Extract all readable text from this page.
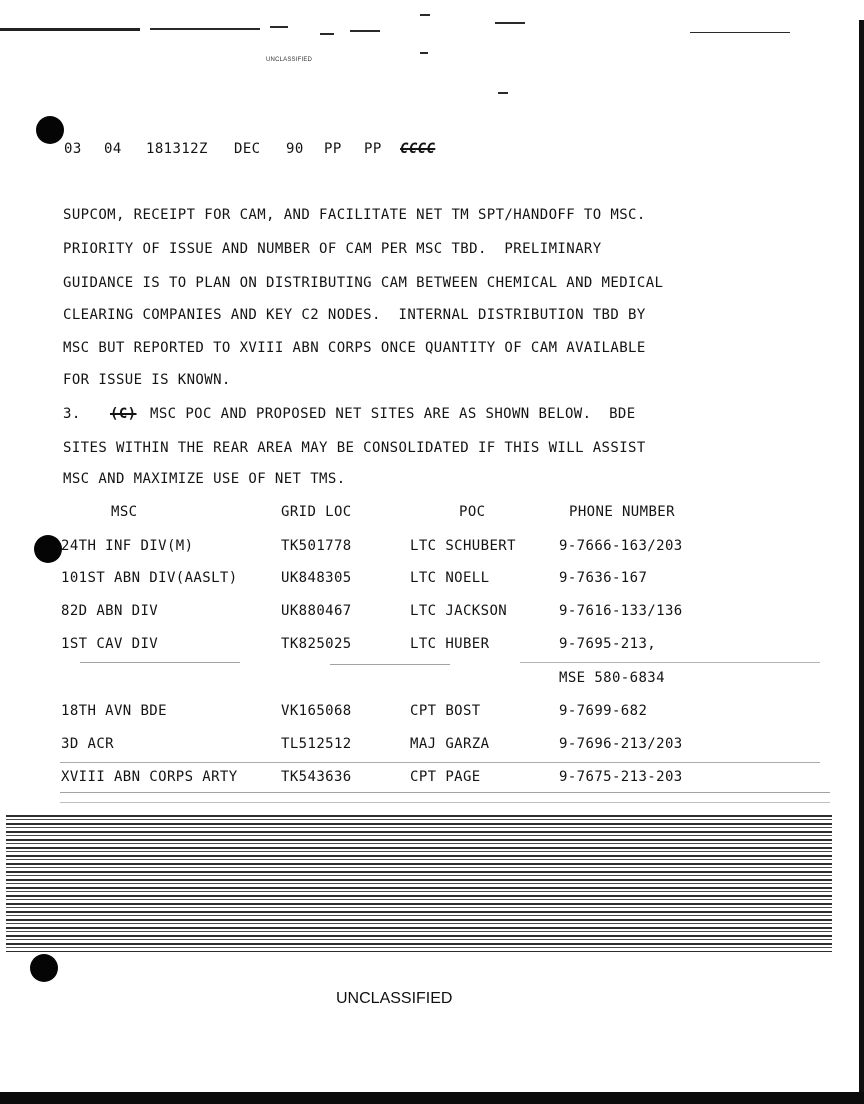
UNCLASSIFIED
03 04 181312Z DEC 90 PP PP CCCC
SUPCOM, RECEIPT FOR CAM, AND FACILITATE NET TM SPT/HANDOFF TO MSC.
PRIORITY OF ISSUE AND NUMBER OF CAM PER MSC TBD.  PRELIMINARY
GUIDANCE IS TO PLAN ON DISTRIBUTING CAM BETWEEN CHEMICAL AND MEDICAL
CLEARING COMPANIES AND KEY C2 NODES.  INTERNAL DISTRIBUTION TBD BY
MSC BUT REPORTED TO XVIII ABN CORPS ONCE QUANTITY OF CAM AVAILABLE
FOR ISSUE IS KNOWN.
3. (C) MSC POC AND PROPOSED NET SITES ARE AS SHOWN BELOW.  BDE
SITES WITHIN THE REAR AREA MAY BE CONSOLIDATED IF THIS WILL ASSIST
MSC AND MAXIMIZE USE OF NET TMS.
MSC	GRID LOC	POC	PHONE NUMBER
24TH INF DIV(M)	TK501778	LTC SCHUBERT	9-7666-163/203
101ST ABN DIV(AASLT)	UK848305	LTC NOELL	9-7636-167
82D ABN DIV	UK880467	LTC JACKSON	9-7616-133/136
1ST CAV DIV	TK825025	LTC HUBER	9-7695-213,
MSE 580-6834
18TH AVN BDE	VK165068	CPT BOST	9-7699-682
3D ACR	TL512512	MAJ GARZA	9-7696-213/203
XVIII ABN CORPS ARTY	TK543636	CPT PAGE	9-7675-213-203
UNCLASSIFIED
